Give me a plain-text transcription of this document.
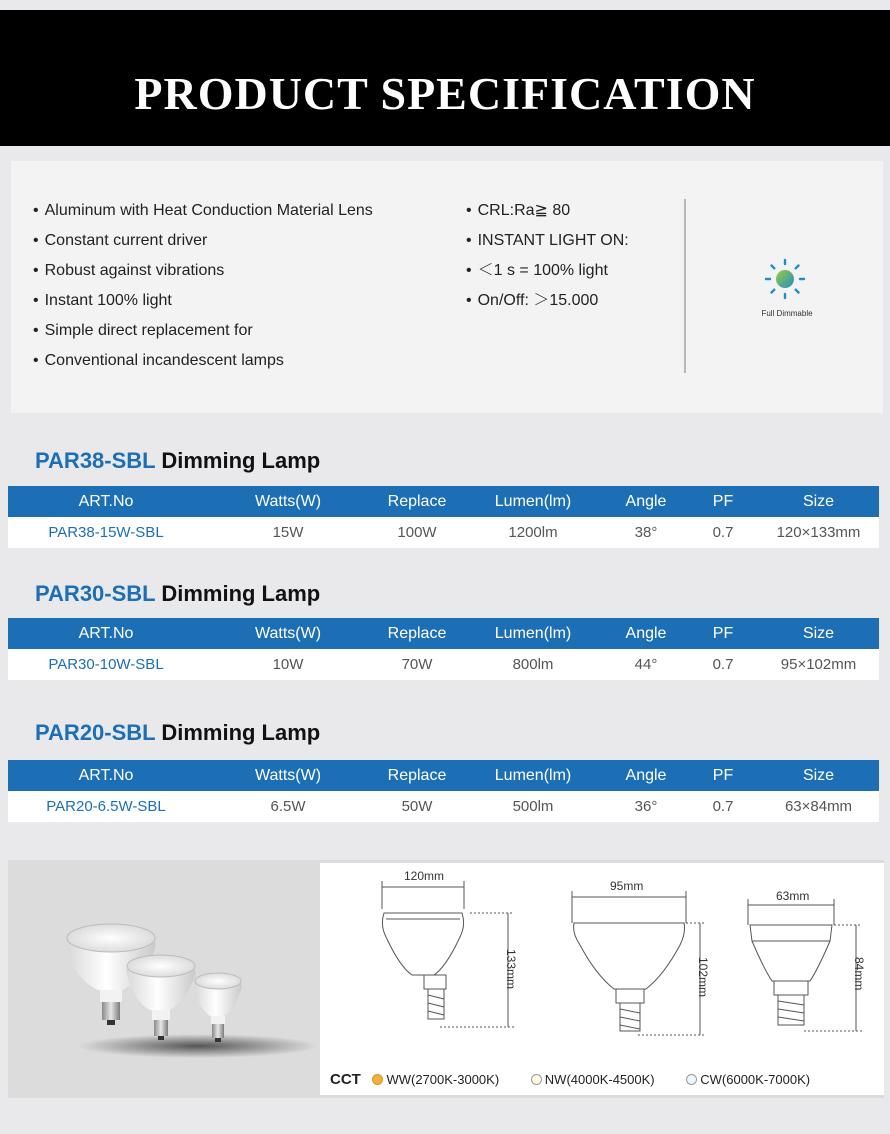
PRODUCT SPECIFICATION
• Aluminum with Heat Conduction Material Lens
• Constant current driver
• Robust against vibrations
• Instant 100% light
• Simple direct replacement for
• Conventional incandescent lamps
• CRL:Ra≧ 80
• INSTANT LIGHT ON:
• ＜1 s = 100% light
• On/Off: ＞15.000
Full Dimmable
PAR38-SBL Dimming Lamp
ART.No	Watts(W)	Replace	Lumen(lm)	Angle	PF	Size
PAR38-15W-SBL	15W	100W	1200lm	38°	0.7	120×133mm
PAR30-SBL Dimming Lamp
ART.No	Watts(W)	Replace	Lumen(lm)	Angle	PF	Size
PAR30-10W-SBL	10W	70W	800lm	44°	0.7	95×102mm
PAR20-SBL Dimming Lamp
ART.No	Watts(W)	Replace	Lumen(lm)	Angle	PF	Size
PAR20-6.5W-SBL	6.5W	50W	500lm	36°	0.7	63×84mm
120mm
133mm
95mm
102mm
63mm
84mm
CCT WW(2700K-3000K)	NW(4000K-4500K)	CW(6000K-7000K)
